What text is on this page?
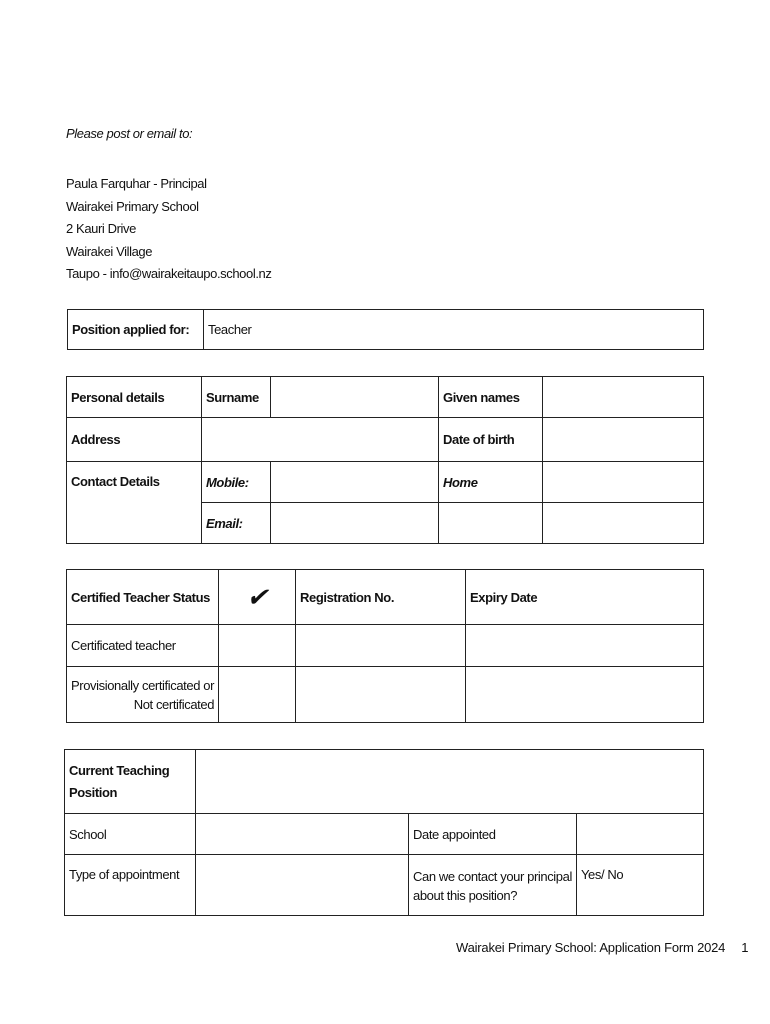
Please post or email to:
Paula Farquhar - Principal
Wairakei Primary School
2 Kauri Drive
Wairakei Village
Taupo - info@wairakeitaupo.school.nz
Position applied for:	Teacher
Personal details	Surname		Given names	
Address			Date of birth	
Contact Details	Mobile:		Home	
	Email:			
Certified Teacher Status	✔	Registration No.	Expiry Date
Certificated teacher			

Provisionally certificated or
Not certificated			

Current Teaching
Position			

School		Date appointed	
Type of appointment		Can we contact your principal
about this position?	Yes/ No
Wairakei Primary School: Application Form 2024 1
